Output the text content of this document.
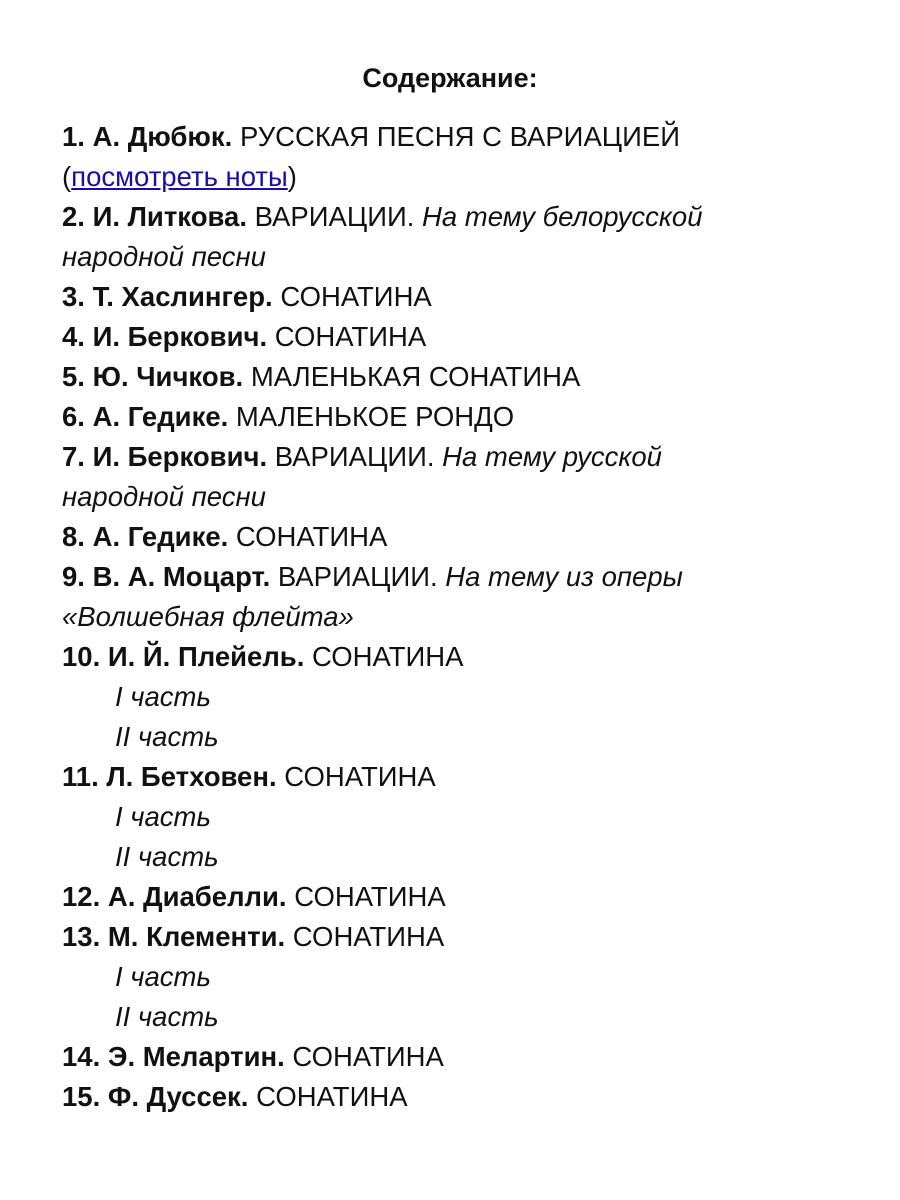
Содержание:
1. А. Дюбюк. РУССКАЯ ПЕСНЯ С ВАРИАЦИЕЙ
(посмотреть ноты)
2. И. Литкова. ВАРИАЦИИ. На тему белорусской
народной песни
3. Т. Хаслингер. СОНАТИНА
4. И. Беркович. СОНАТИНА
5. Ю. Чичков. МАЛЕНЬКАЯ СОНАТИНА
6. А. Гедике. МАЛЕНЬКОЕ РОНДО
7. И. Беркович. ВАРИАЦИИ. На тему русской
народной песни
8. А. Гедике. СОНАТИНА
9. В. А. Моцарт. ВАРИАЦИИ. На тему из оперы
«Волшебная флейта»
10. И. Й. Плейель. СОНАТИНА
I часть
II часть
11. Л. Бетховен. СОНАТИНА
I часть
II часть
12. А. Диабелли. СОНАТИНА
13. М. Клементи. СОНАТИНА
I часть
II часть
14. Э. Мелартин. СОНАТИНА
15. Ф. Дуссек. СОНАТИНА
